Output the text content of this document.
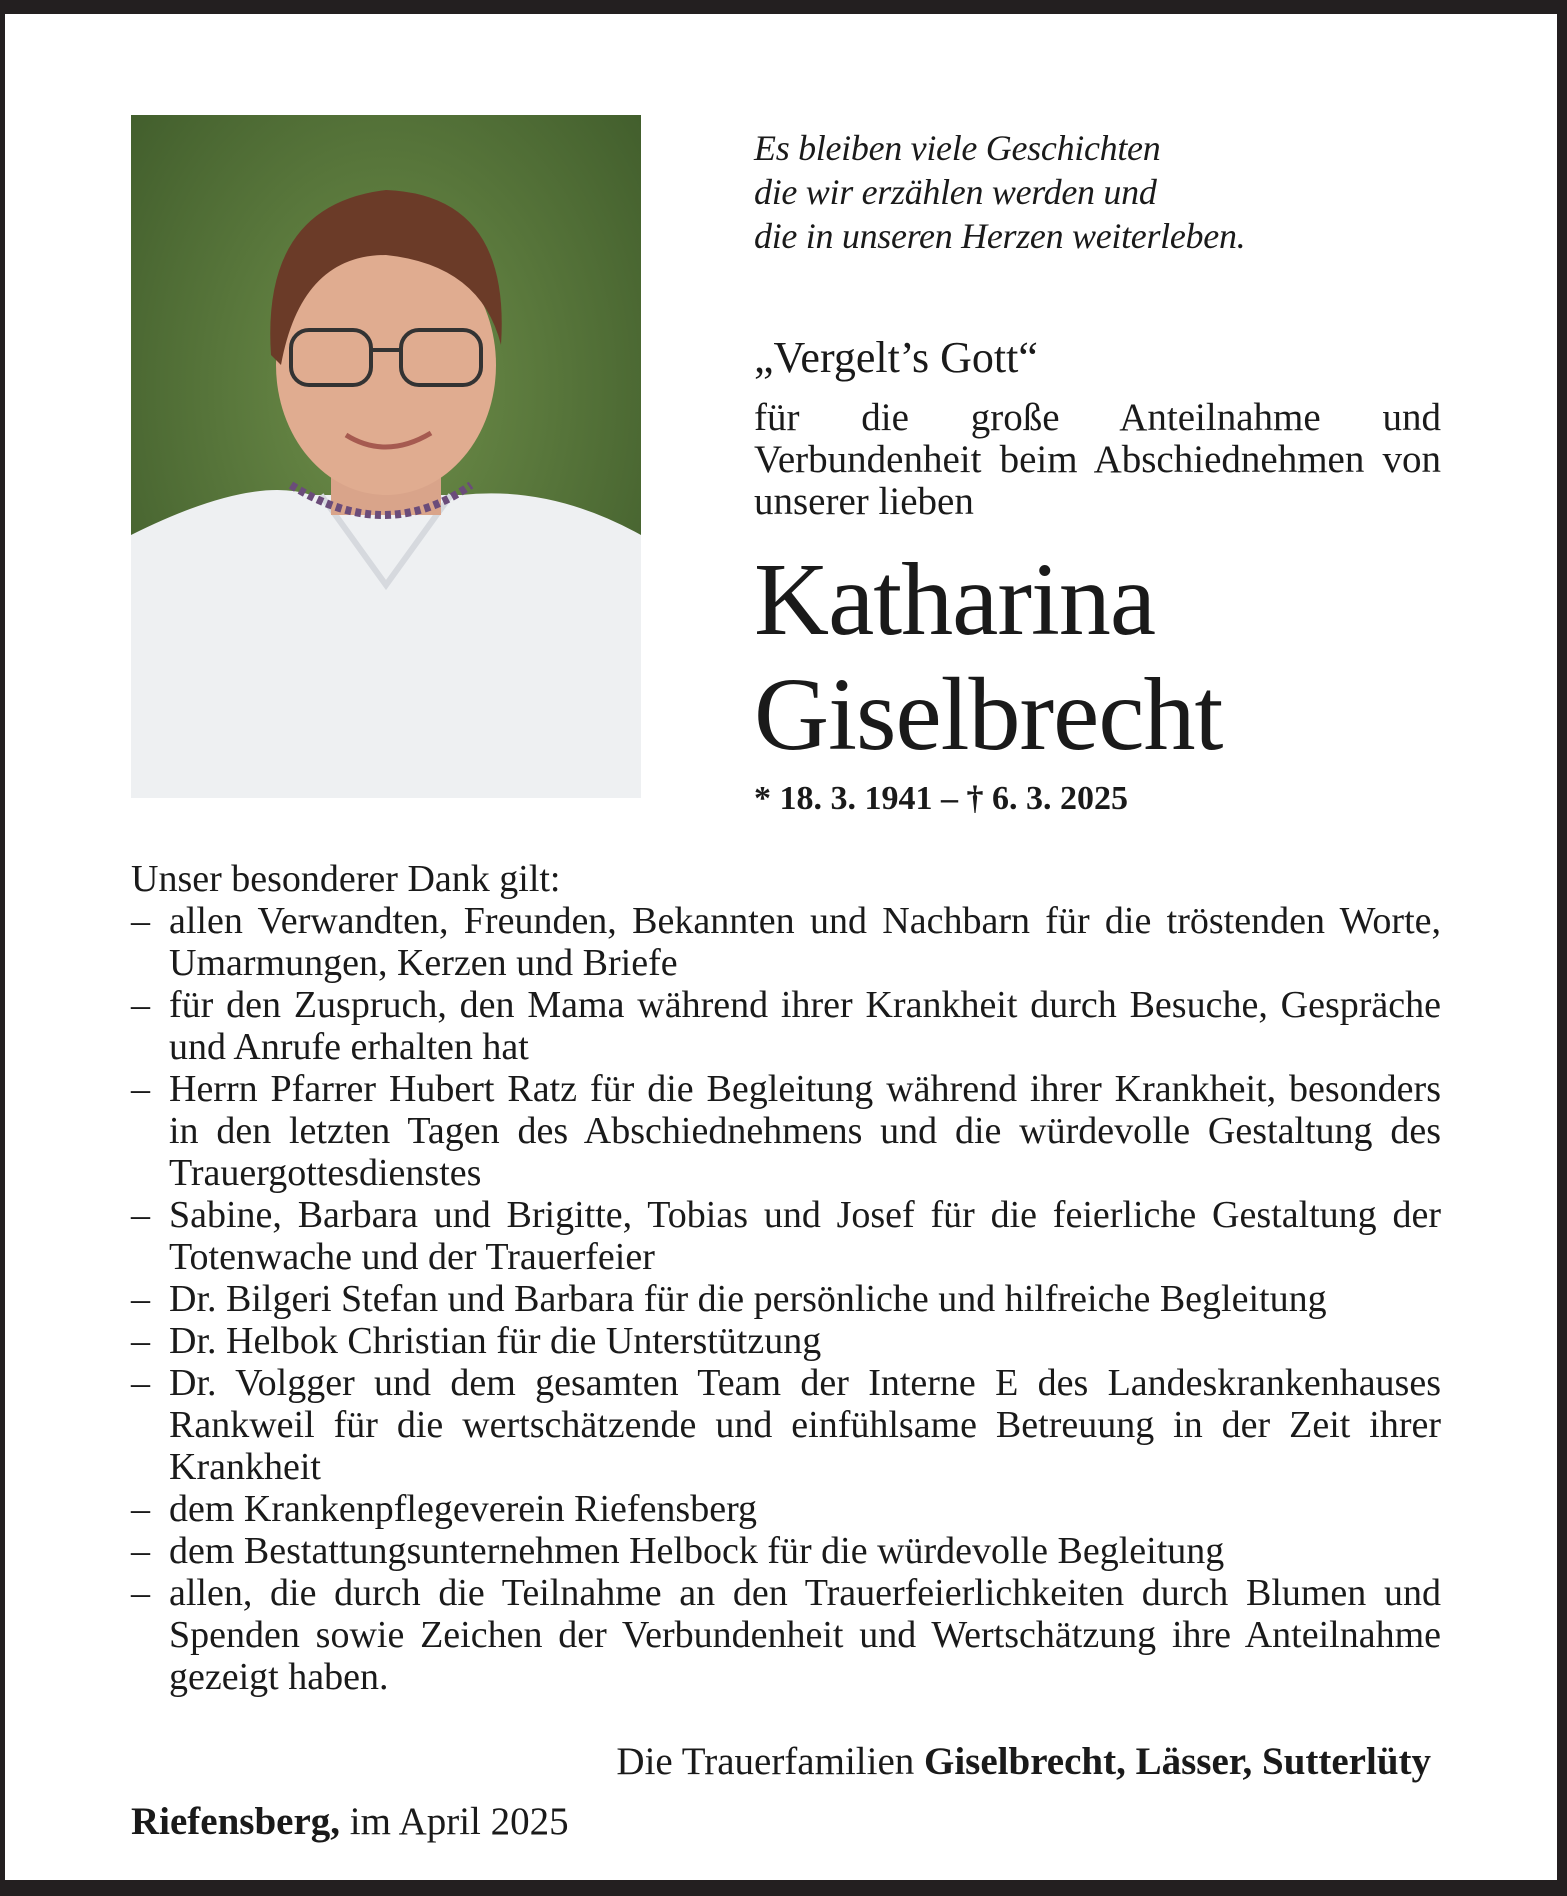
Es bleiben viele Geschichten
die wir erzählen werden und
die in unseren Herzen weiterleben.
„Vergelt’s Gott“
für die große Anteilnahme und Verbundenheit beim Abschiednehmen von unserer lieben
Katharina
Giselbrecht
* 18. 3. 1941 – † 6. 3. 2025

Unser besonderer Dank gilt:

– allen Verwandten, Freunden, Bekannten und Nachbarn für die tröstenden Worte, Umarmungen, Kerzen und Briefe
– für den Zuspruch, den Mama während ihrer Krankheit durch Besuche, Gespräche und Anrufe erhalten hat
– Herrn Pfarrer Hubert Ratz für die Begleitung während ihrer Krankheit, besonders in den letzten Tagen des Abschiednehmens und die würdevolle Gestaltung des Trauergottesdienstes
– Sabine, Barbara und Brigitte, Tobias und Josef für die feierliche Gestaltung der Totenwache und der Trauerfeier
– Dr. Bilgeri Stefan und Barbara für die persönliche und hilfreiche Begleitung
– Dr. Helbok Christian für die Unterstützung
– Dr. Volgger und dem gesamten Team der Interne E des Landeskrankenhauses Rankweil für die wertschätzende und einfühlsame Betreuung in der Zeit ihrer Krankheit
– dem Krankenpflegeverein Riefensberg
– dem Bestattungsunternehmen Helbock für die würdevolle Begleitung
– allen, die durch die Teilnahme an den Trauerfeierlichkeiten durch Blumen und Spenden sowie Zeichen der Verbundenheit und Wertschätzung ihre Anteilnahme gezeigt haben.
Die Trauerfamilien Giselbrecht, Lässer, Sutterlüty
Riefensberg, im April 2025
